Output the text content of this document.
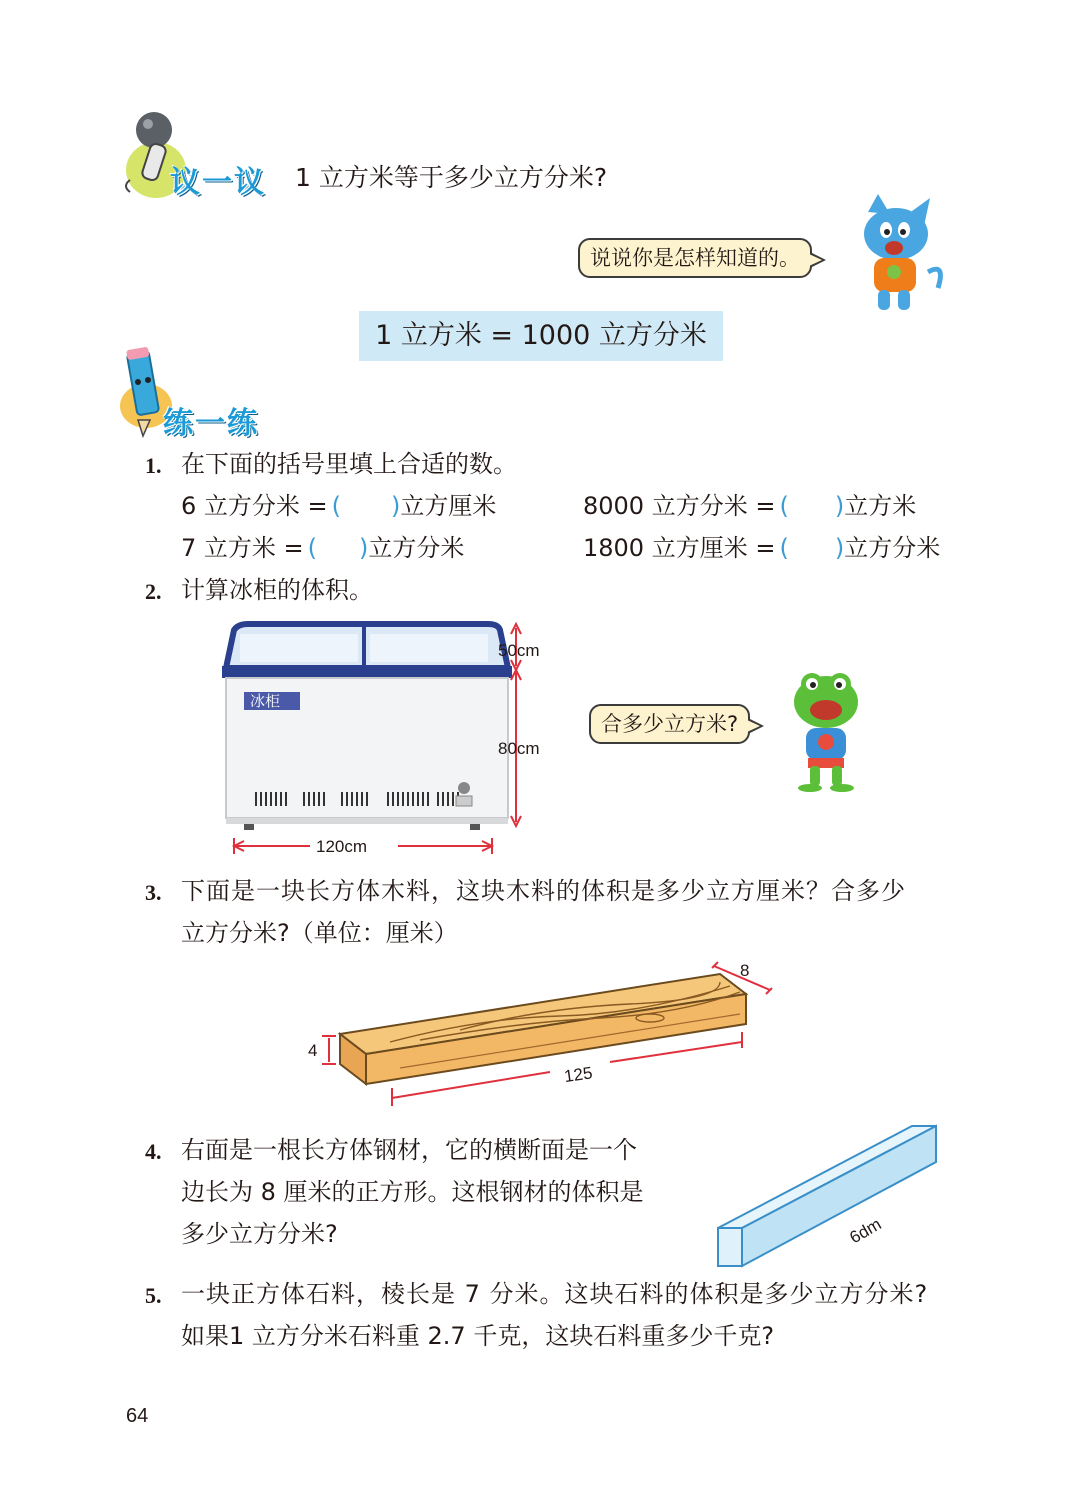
议一议 1 立方米等于多少立方分米?
说说你是怎样知道的。
1 立方米 = 1000 立方分米
练一练
1. 在下面的括号里填上合适的数。
6 立方分米 = ( )立方厘米	8000 立方分米 = ( )立方米
7 立方米 = ( )立方分米	1800 立方厘米 = ( )立方分米
2. 计算冰柜的体积。
冰柜
50cm
80cm
120cm
合多少立方米?
3. 下面是一块长方体木料，这块木料的体积是多少立方厘米？合多少
立方分米?（单位：厘米）
8
4
125
4. 右面是一根长方体钢材，它的横断面是一个
边长为 8 厘米的正方形。这根钢材的体积是
多少立方分米?	6dm
5. 一块正方体石料，棱长是 7 分米。这块石料的体积是多少立方分米?
如果1 立方分米石料重 2.7 千克，这块石料重多少千克?
64
